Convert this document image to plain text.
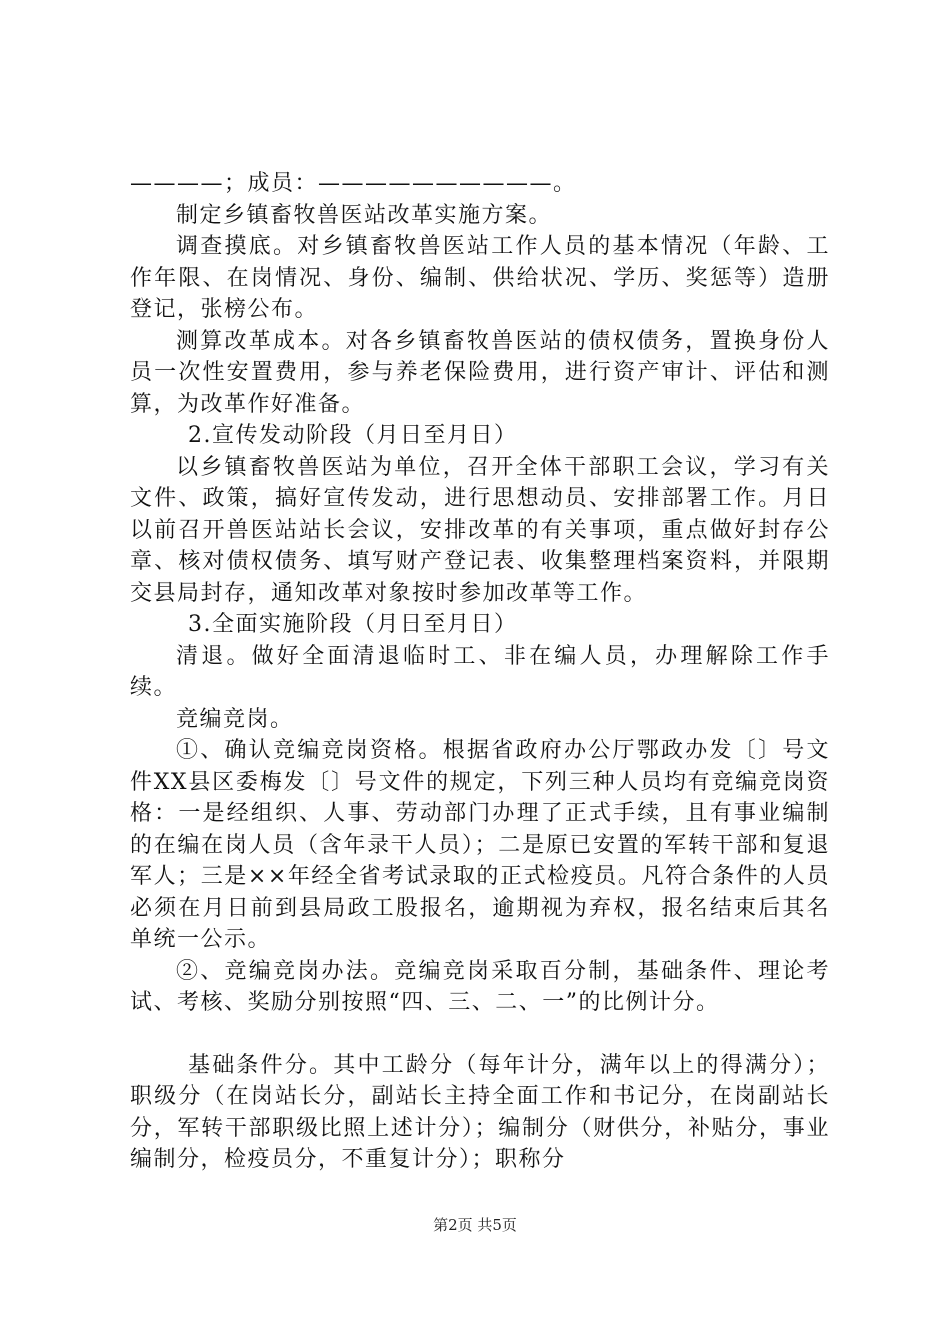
————；成员：——————————。

制定乡镇畜牧兽医站改革实施方案。

调查摸底。对乡镇畜牧兽医站工作人员的基本情况（年龄、工作年限、在岗情况、身份、编制、供给状况、学历、奖惩等）造册登记，张榜公布。

测算改革成本。对各乡镇畜牧兽医站的债权债务，置换身份人员一次性安置费用，参与养老保险费用，进行资产审计、评估和测算，为改革作好准备。

2.宣传发动阶段（月日至月日）

以乡镇畜牧兽医站为单位，召开全体干部职工会议，学习有关文件、政策，搞好宣传发动，进行思想动员、安排部署工作。月日以前召开兽医站站长会议，安排改革的有关事项，重点做好封存公章、核对债权债务、填写财产登记表、收集整理档案资料，并限期交县局封存，通知改革对象按时参加改革等工作。

3.全面实施阶段（月日至月日）

清退。做好全面清退临时工、非在编人员，办理解除工作手续。

竞编竞岗。

①、确认竞编竞岗资格。根据省政府办公厅鄂政办发〔〕号文件XX县区委梅发〔〕号文件的规定，下列三种人员均有竞编竞岗资格：一是经组织、人事、劳动部门办理了正式手续，且有事业编制的在编在岗人员（含年录干人员）；二是原已安置的军转干部和复退军人；三是××年经全省考试录取的正式检疫员。凡符合条件的人员必须在月日前到县局政工股报名，逾期视为弃权，报名结束后其名单统一公示。

②、竞编竞岗办法。竞编竞岗采取百分制，基础条件、理论考试、考核、奖励分别按照“四、三、二、一”的比例计分。

基础条件分。其中工龄分（每年计分，满年以上的得满分）；职级分（在岗站长分，副站长主持全面工作和书记分，在岗副站长分，军转干部职级比照上述计分）；编制分（财供分，补贴分，事业编制分，检疫员分，不重复计分）；职称分

第2页 共5页
